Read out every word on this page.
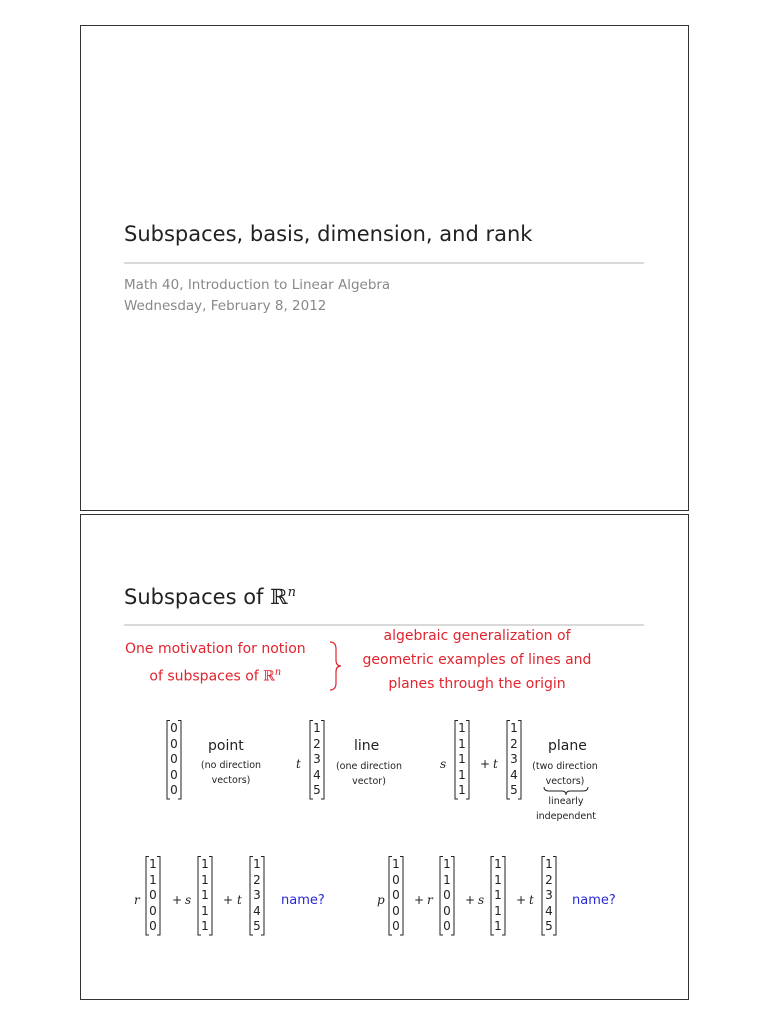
Subspaces, basis, dimension, and rank
Math 40, Introduction to Linear Algebra
Wednesday, February 8, 2012
Subspaces of ℝ$^n$
One motivation for notion
of subspaces of ℝ$^n$
algebraic generalization of
geometric examples of lines and
planes through the origin
0
0
0
0
0
point
(no direction
vectors)
t
1
2
3
4
5
line
(one direction
vector)
s
1
1
1
1
1
+ t
1
2
3
4
5
plane
(two direction
vectors)
linearly
independent
r
1
1
0
0
0
+ s
1
1
1
1
1
+ t
1
2
3
4
5
name?	p
1
0
0
0
0
+ r
1
1
0
0
0
+ s
1
1
1
1
1
+ t
1
2
3
4
5
name?
